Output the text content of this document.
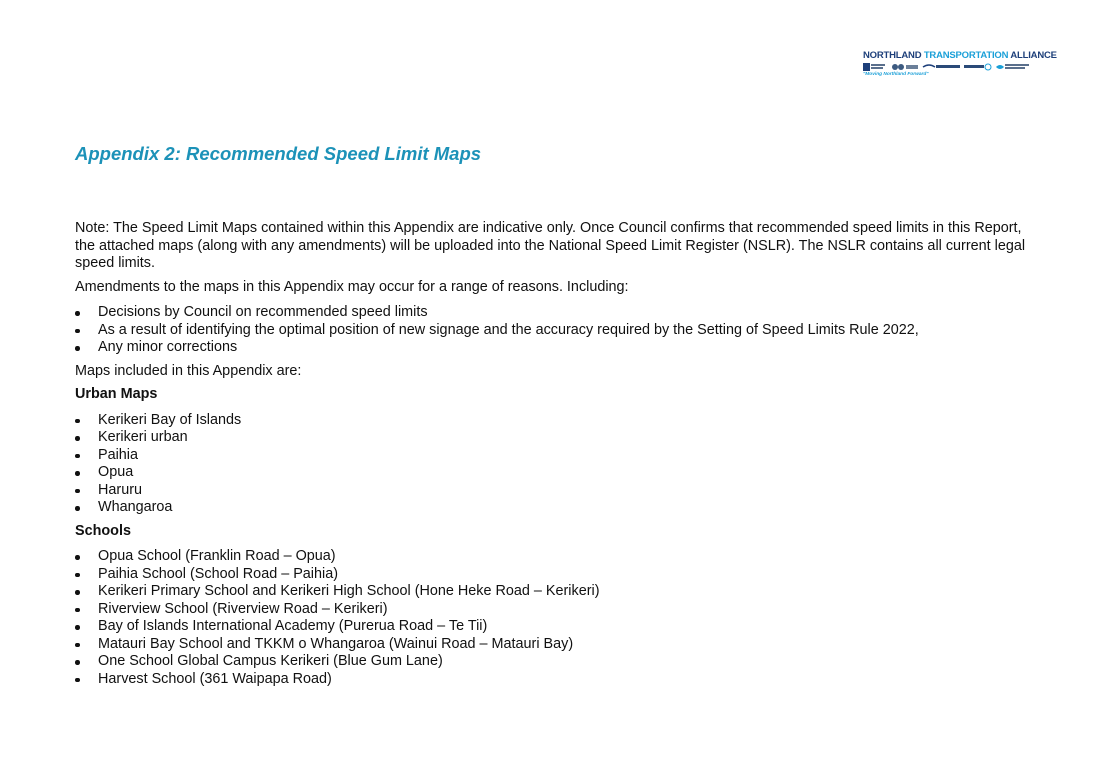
NORTHLAND TRANSPORTATION ALLIANCE
"Moving Northland Forward"
Appendix 2: Recommended Speed Limit Maps

Note: The Speed Limit Maps contained within this Appendix are indicative only. Once Council confirms that recommended speed limits in this Report, the attached maps (along with any amendments) will be uploaded into the National Speed Limit Register (NSLR). The NSLR contains all current legal speed limits.

Amendments to the maps in this Appendix may occur for a range of reasons. Including:

Decisions by Council on recommended speed limits
As a result of identifying the optimal position of new signage and the accuracy required by the Setting of Speed Limits Rule 2022,
Any minor corrections

Maps included in this Appendix are:

Urban Maps

Kerikeri Bay of Islands
Kerikeri urban
Paihia
Opua
Haruru
Whangaroa

Schools

Opua School (Franklin Road – Opua)
Paihia School (School Road – Paihia)
Kerikeri Primary School and Kerikeri High School (Hone Heke Road – Kerikeri)
Riverview School (Riverview Road – Kerikeri)
Bay of Islands International Academy (Purerua Road – Te Tii)
Matauri Bay School and TKKM o Whangaroa (Wainui Road – Matauri Bay)
One School Global Campus Kerikeri (Blue Gum Lane)
Harvest School (361 Waipapa Road)
